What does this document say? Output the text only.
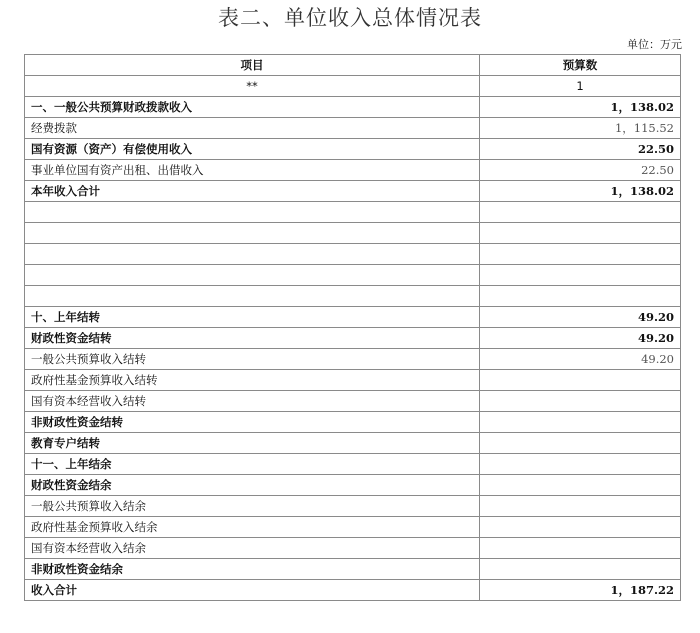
表二、单位收入总体情况表
单位：万元
项目	预算数
**	1
一、一般公共预算财政拨款收入	1，138.02
经费拨款	1，115.52
国有资源（资产）有偿使用收入	22.50
事业单位国有资产出租、出借收入	22.50
本年收入合计	1，138.02

十、上年结转	49.20
财政性资金结转	49.20
一般公共预算收入结转	49.20
政府性基金预算收入结转	
国有资本经营收入结转	
非财政性资金结转	
教育专户结转	
十一、上年结余	
财政性资金结余	
一般公共预算收入结余	
政府性基金预算收入结余	
国有资本经营收入结余	
非财政性资金结余	
收入合计	1，187.22
